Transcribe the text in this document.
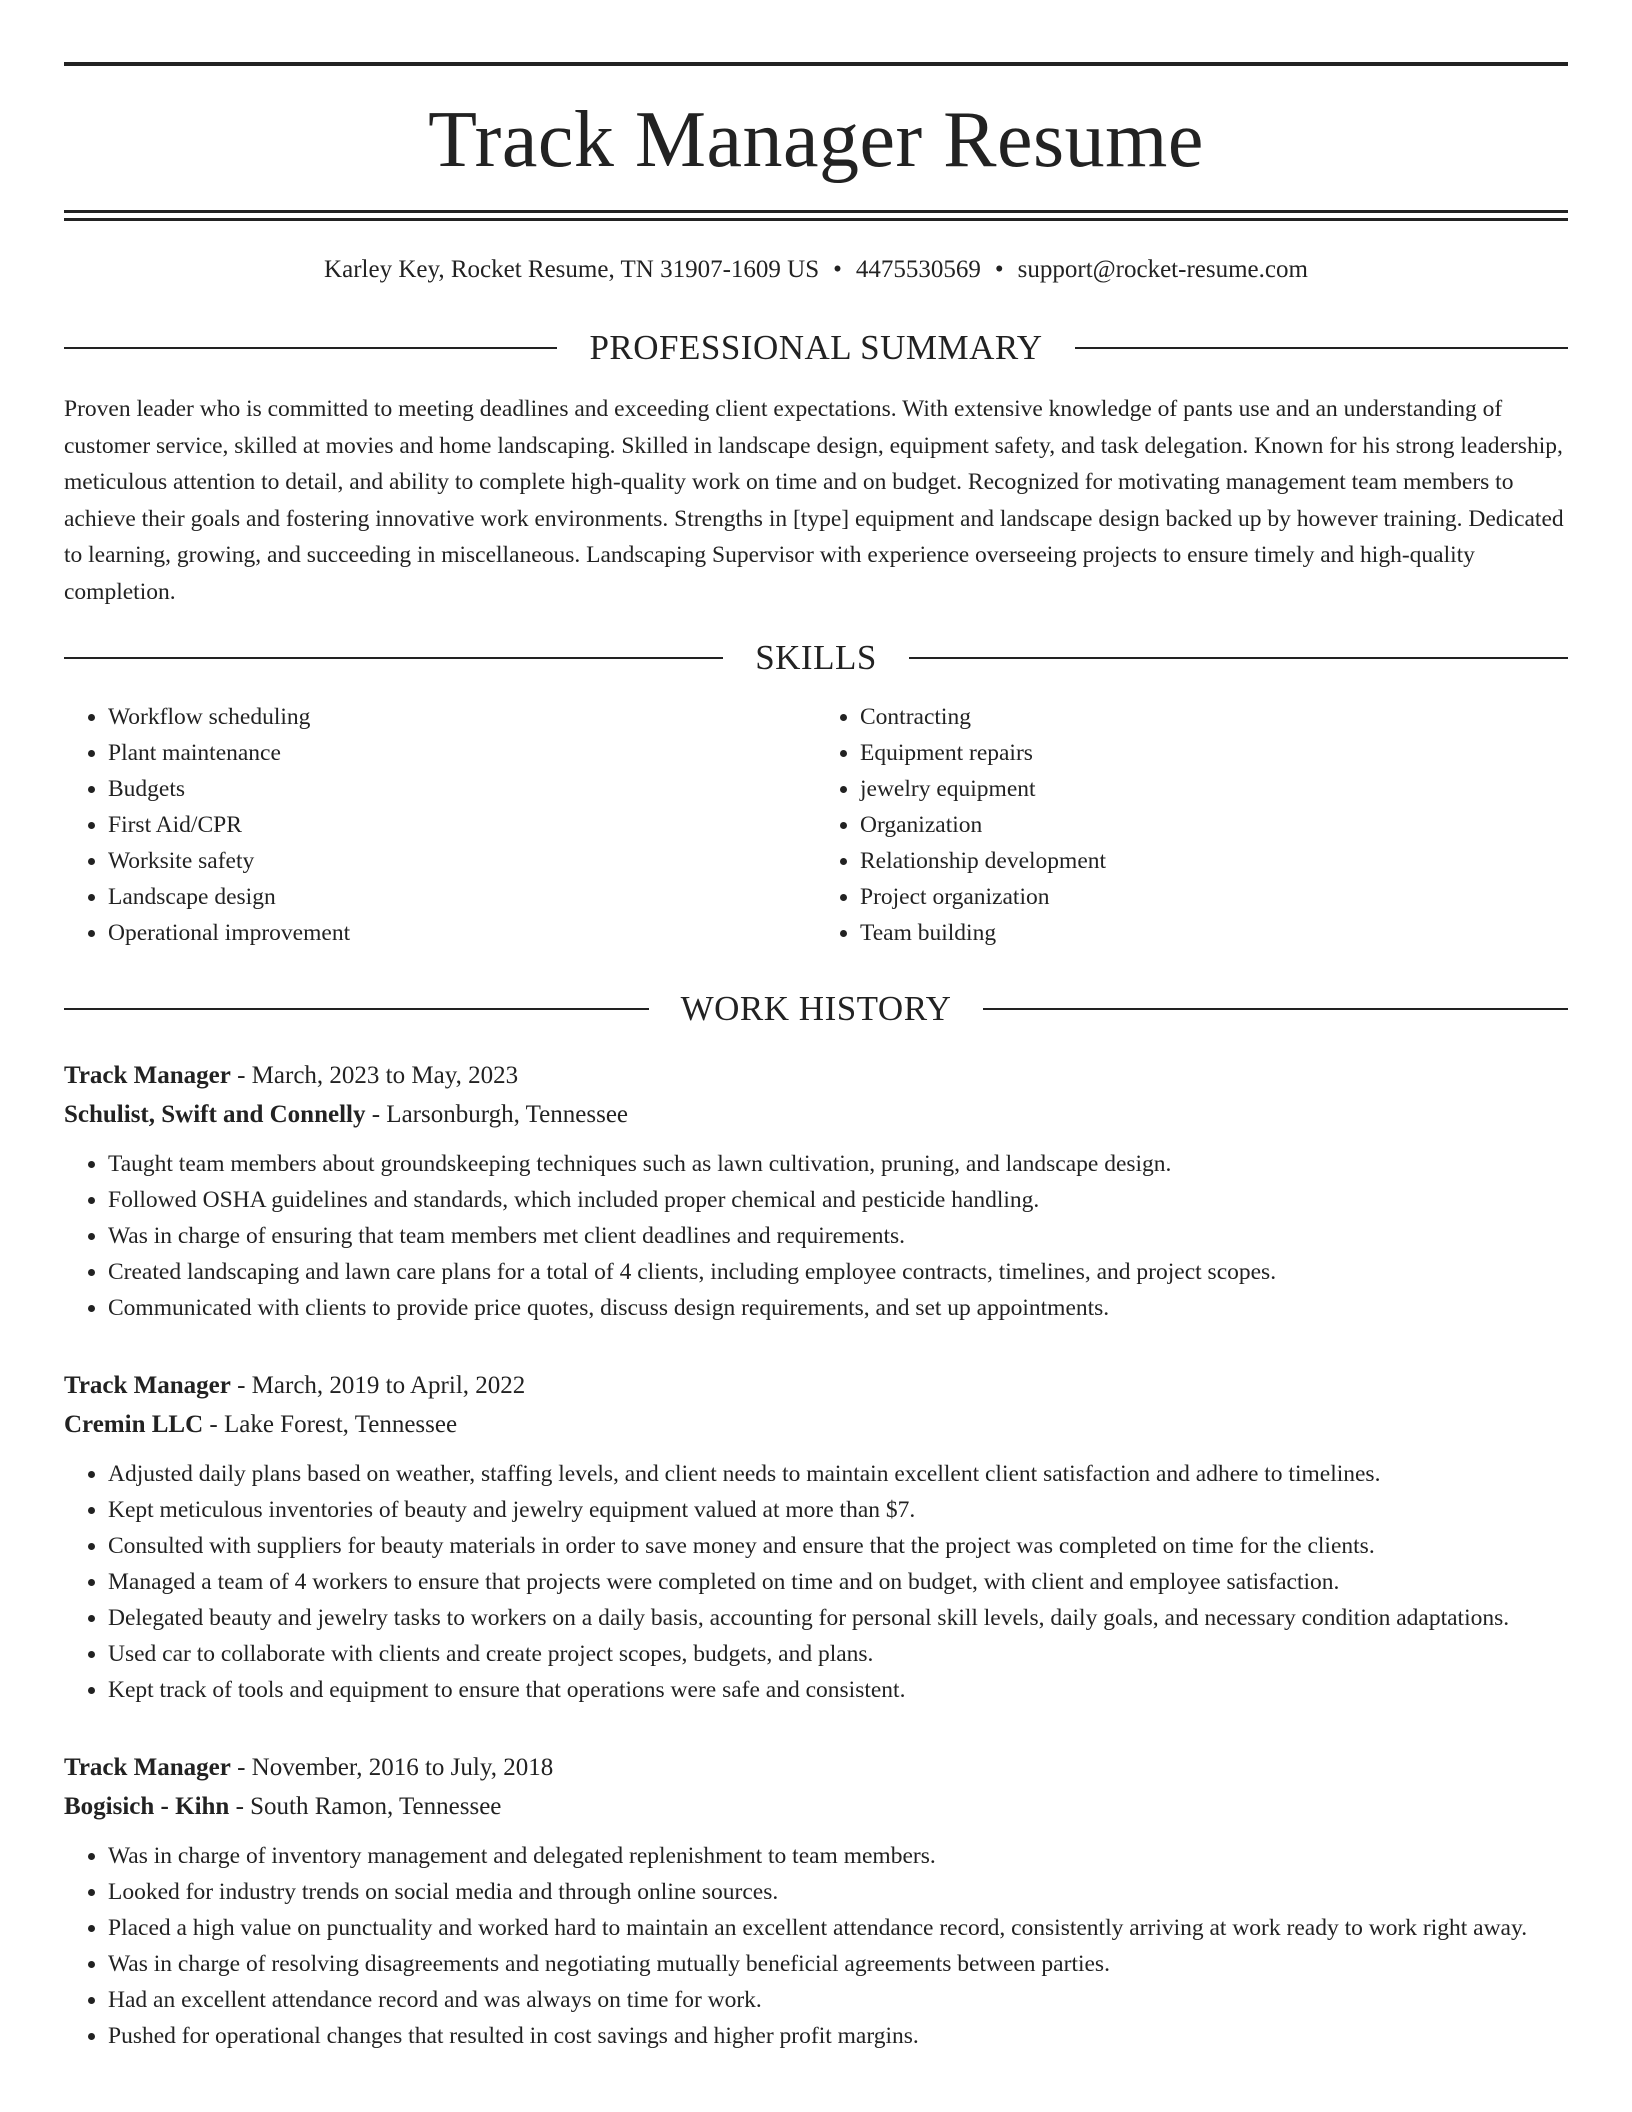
Track Manager Resume
Karley Key, Rocket Resume, TN 31907-1609 US • 4475530569 • support@rocket-resume.com
PROFESSIONAL SUMMARY

Proven leader who is committed to meeting deadlines and exceeding client expectations. With extensive knowledge of pants use and an understanding of customer service, skilled at movies and home landscaping. Skilled in landscape design, equipment safety, and task delegation. Known for his strong leadership, meticulous attention to detail, and ability to complete high-quality work on time and on budget. Recognized for motivating management team members to achieve their goals and fostering innovative work environments. Strengths in [type] equipment and landscape design backed up by however training. Dedicated to learning, growing, and succeeding in miscellaneous. Landscaping Supervisor with experience overseeing projects to ensure timely and high-quality completion.

SKILLS
• Workflow scheduling
• Plant maintenance
• Budgets
• First Aid/CPR
• Worksite safety
• Landscape design
• Operational improvement
• Contracting
• Equipment repairs
• jewelry equipment
• Organization
• Relationship development
• Project organization
• Team building
WORK HISTORY
Track Manager - March, 2023 to May, 2023
Schulist, Swift and Connelly - Larsonburgh, Tennessee
• Taught team members about groundskeeping techniques such as lawn cultivation, pruning, and landscape design.
• Followed OSHA guidelines and standards, which included proper chemical and pesticide handling.
• Was in charge of ensuring that team members met client deadlines and requirements.
• Created landscaping and lawn care plans for a total of 4 clients, including employee contracts, timelines, and project scopes.
• Communicated with clients to provide price quotes, discuss design requirements, and set up appointments.
Track Manager - March, 2019 to April, 2022
Cremin LLC - Lake Forest, Tennessee
• Adjusted daily plans based on weather, staffing levels, and client needs to maintain excellent client satisfaction and adhere to timelines.
• Kept meticulous inventories of beauty and jewelry equipment valued at more than $7.
• Consulted with suppliers for beauty materials in order to save money and ensure that the project was completed on time for the clients.
• Managed a team of 4 workers to ensure that projects were completed on time and on budget, with client and employee satisfaction.
• Delegated beauty and jewelry tasks to workers on a daily basis, accounting for personal skill levels, daily goals, and necessary condition adaptations.
• Used car to collaborate with clients and create project scopes, budgets, and plans.
• Kept track of tools and equipment to ensure that operations were safe and consistent.
Track Manager - November, 2016 to July, 2018
Bogisich - Kihn - South Ramon, Tennessee
• Was in charge of inventory management and delegated replenishment to team members.
• Looked for industry trends on social media and through online sources.
• Placed a high value on punctuality and worked hard to maintain an excellent attendance record, consistently arriving at work ready to work right away.
• Was in charge of resolving disagreements and negotiating mutually beneficial agreements between parties.
• Had an excellent attendance record and was always on time for work.
• Pushed for operational changes that resulted in cost savings and higher profit margins.
